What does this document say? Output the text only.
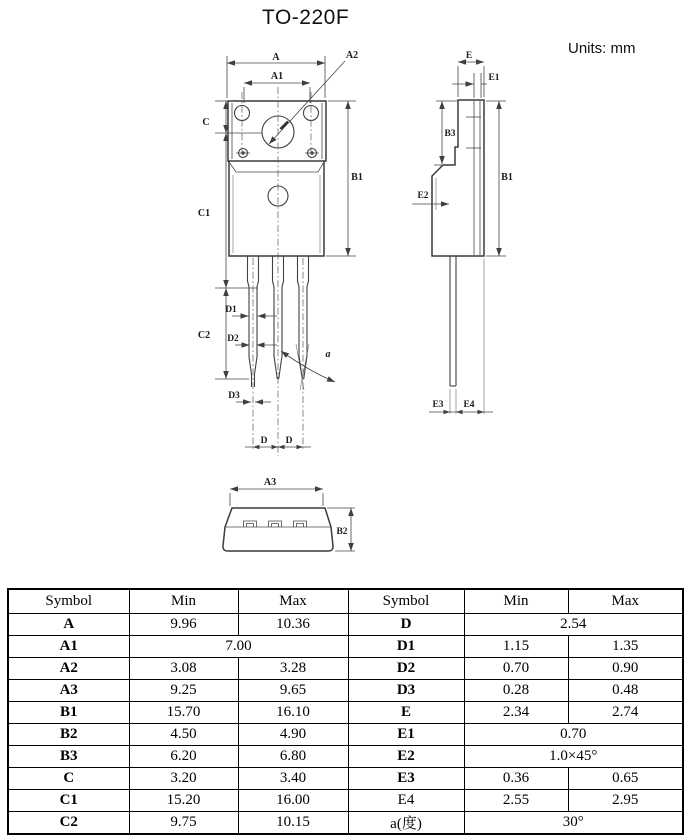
TO-220F
Units: mm
A
A1
A2
C
C1
C2
B1
D1
D2
D3
a
D D
E
E1
B3
B1
E2
E3 E4
A3
B2
Symbol	Min	Max	Symbol	Min	Max
A	9.96	10.36	D	2.54	
A1	7.00		D1	1.15	1.35
A2	3.08	3.28	D2	0.70	0.90
A3	9.25	9.65	D3	0.28	0.48
B1	15.70	16.10	E	2.34	2.74
B2	4.50	4.90	E1	0.70	
B3	6.20	6.80	E2	1.0×45°	
C	3.20	3.40	E3	0.36	0.65
C1	15.20	16.00	E4	2.55	2.95
C2	9.75	10.15	a(度)	30°	
